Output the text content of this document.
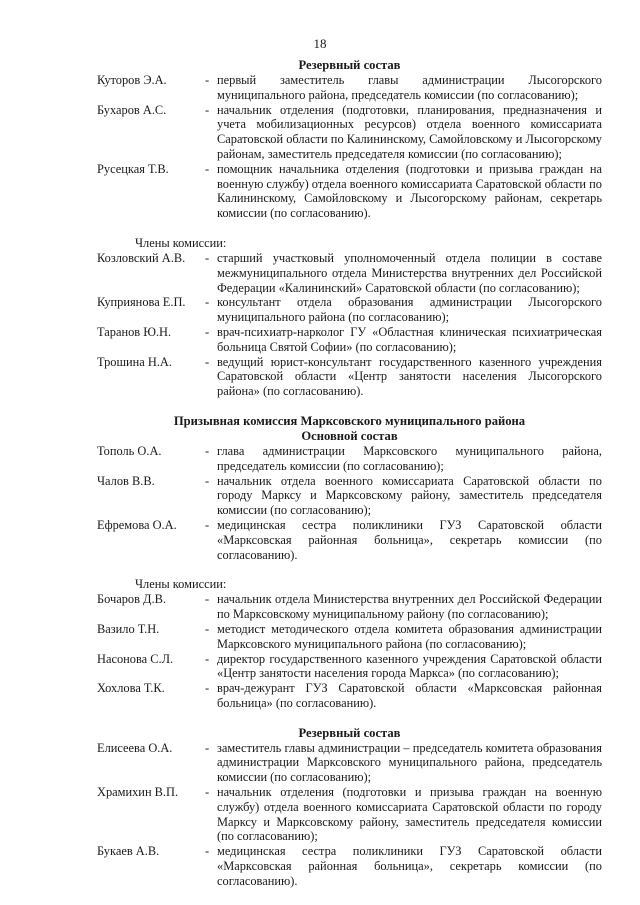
18
Резервный состав
Куторов Э.А.	- первый заместитель главы администрации Лысогорского муниципального района, председатель комиссии (по согласованию);
Бухаров А.С.	- начальник отделения (подготовки, планирования, предназначения и учета мобилизационных ресурсов) отдела военного комиссариата Саратовской области по Калининскому, Самойловскому и Лысогорскому районам, заместитель председателя комиссии (по согласованию);
Русецкая Т.В.	- помощник начальника отделения (подготовки и призыва граждан на военную службу) отдела военного комиссариата Саратовской области по Калининскому, Самойловскому и Лысогорскому районам, секретарь комиссии (по согласованию).
Члены комиссии:
Козловский А.В.	- старший участковый уполномоченный отдела полиции в составе межмуниципального отдела Министерства внутренних дел Российской Федерации «Калининский» Саратовской области (по согласованию);
Куприянова Е.П.	- консультант отдела образования администрации Лысогорского муниципального района (по согласованию);
Таранов Ю.Н.	- врач-психиатр-нарколог ГУ «Областная клиническая психиатрическая больница Святой Софии» (по согласованию);
Трошина Н.А.	- ведущий юрист-консультант государственного казенного учреждения Саратовской области «Центр занятости населения Лысогорского района» (по согласованию).
Призывная комиссия Марксовского муниципального района
Основной состав
Тополь О.А.	- глава администрации Марксовского муниципального района, председатель комиссии (по согласованию);
Чалов В.В.	- начальник отдела военного комиссариата Саратовской области по городу Марксу и Марксовскому району, заместитель председателя комиссии (по согласованию);
Ефремова О.А.	- медицинская сестра поликлиники ГУЗ Саратовской области «Марксовская районная больница», секретарь комиссии (по согласованию).
Члены комиссии:
Бочаров Д.В.	- начальник отдела Министерства внутренних дел Российской Федерации по Марксовскому муниципальному району (по согласованию);
Вазило Т.Н.	- методист методического отдела комитета образования администрации Марксовского муниципального района (по согласованию);
Насонова С.Л.	- директор государственного казенного учреждения Саратовской области «Центр занятости населения города Маркса» (по согласованию);
Хохлова Т.К.	- врач-дежурант ГУЗ Саратовской области «Марксовская районная больница» (по согласованию).
Резервный состав
Елисеева О.А.	- заместитель главы администрации – председатель комитета образования администрации Марксовского муниципального района, председатель комиссии (по согласованию);
Храмихин В.П.	- начальник отделения (подготовки и призыва граждан на военную службу) отдела военного комиссариата Саратовской области по городу Марксу и Марксовскому району, заместитель председателя комиссии (по согласованию);
Букаев А.В.	- медицинская сестра поликлиники ГУЗ Саратовской области «Марксовская районная больница», секретарь комиссии (по согласованию).
